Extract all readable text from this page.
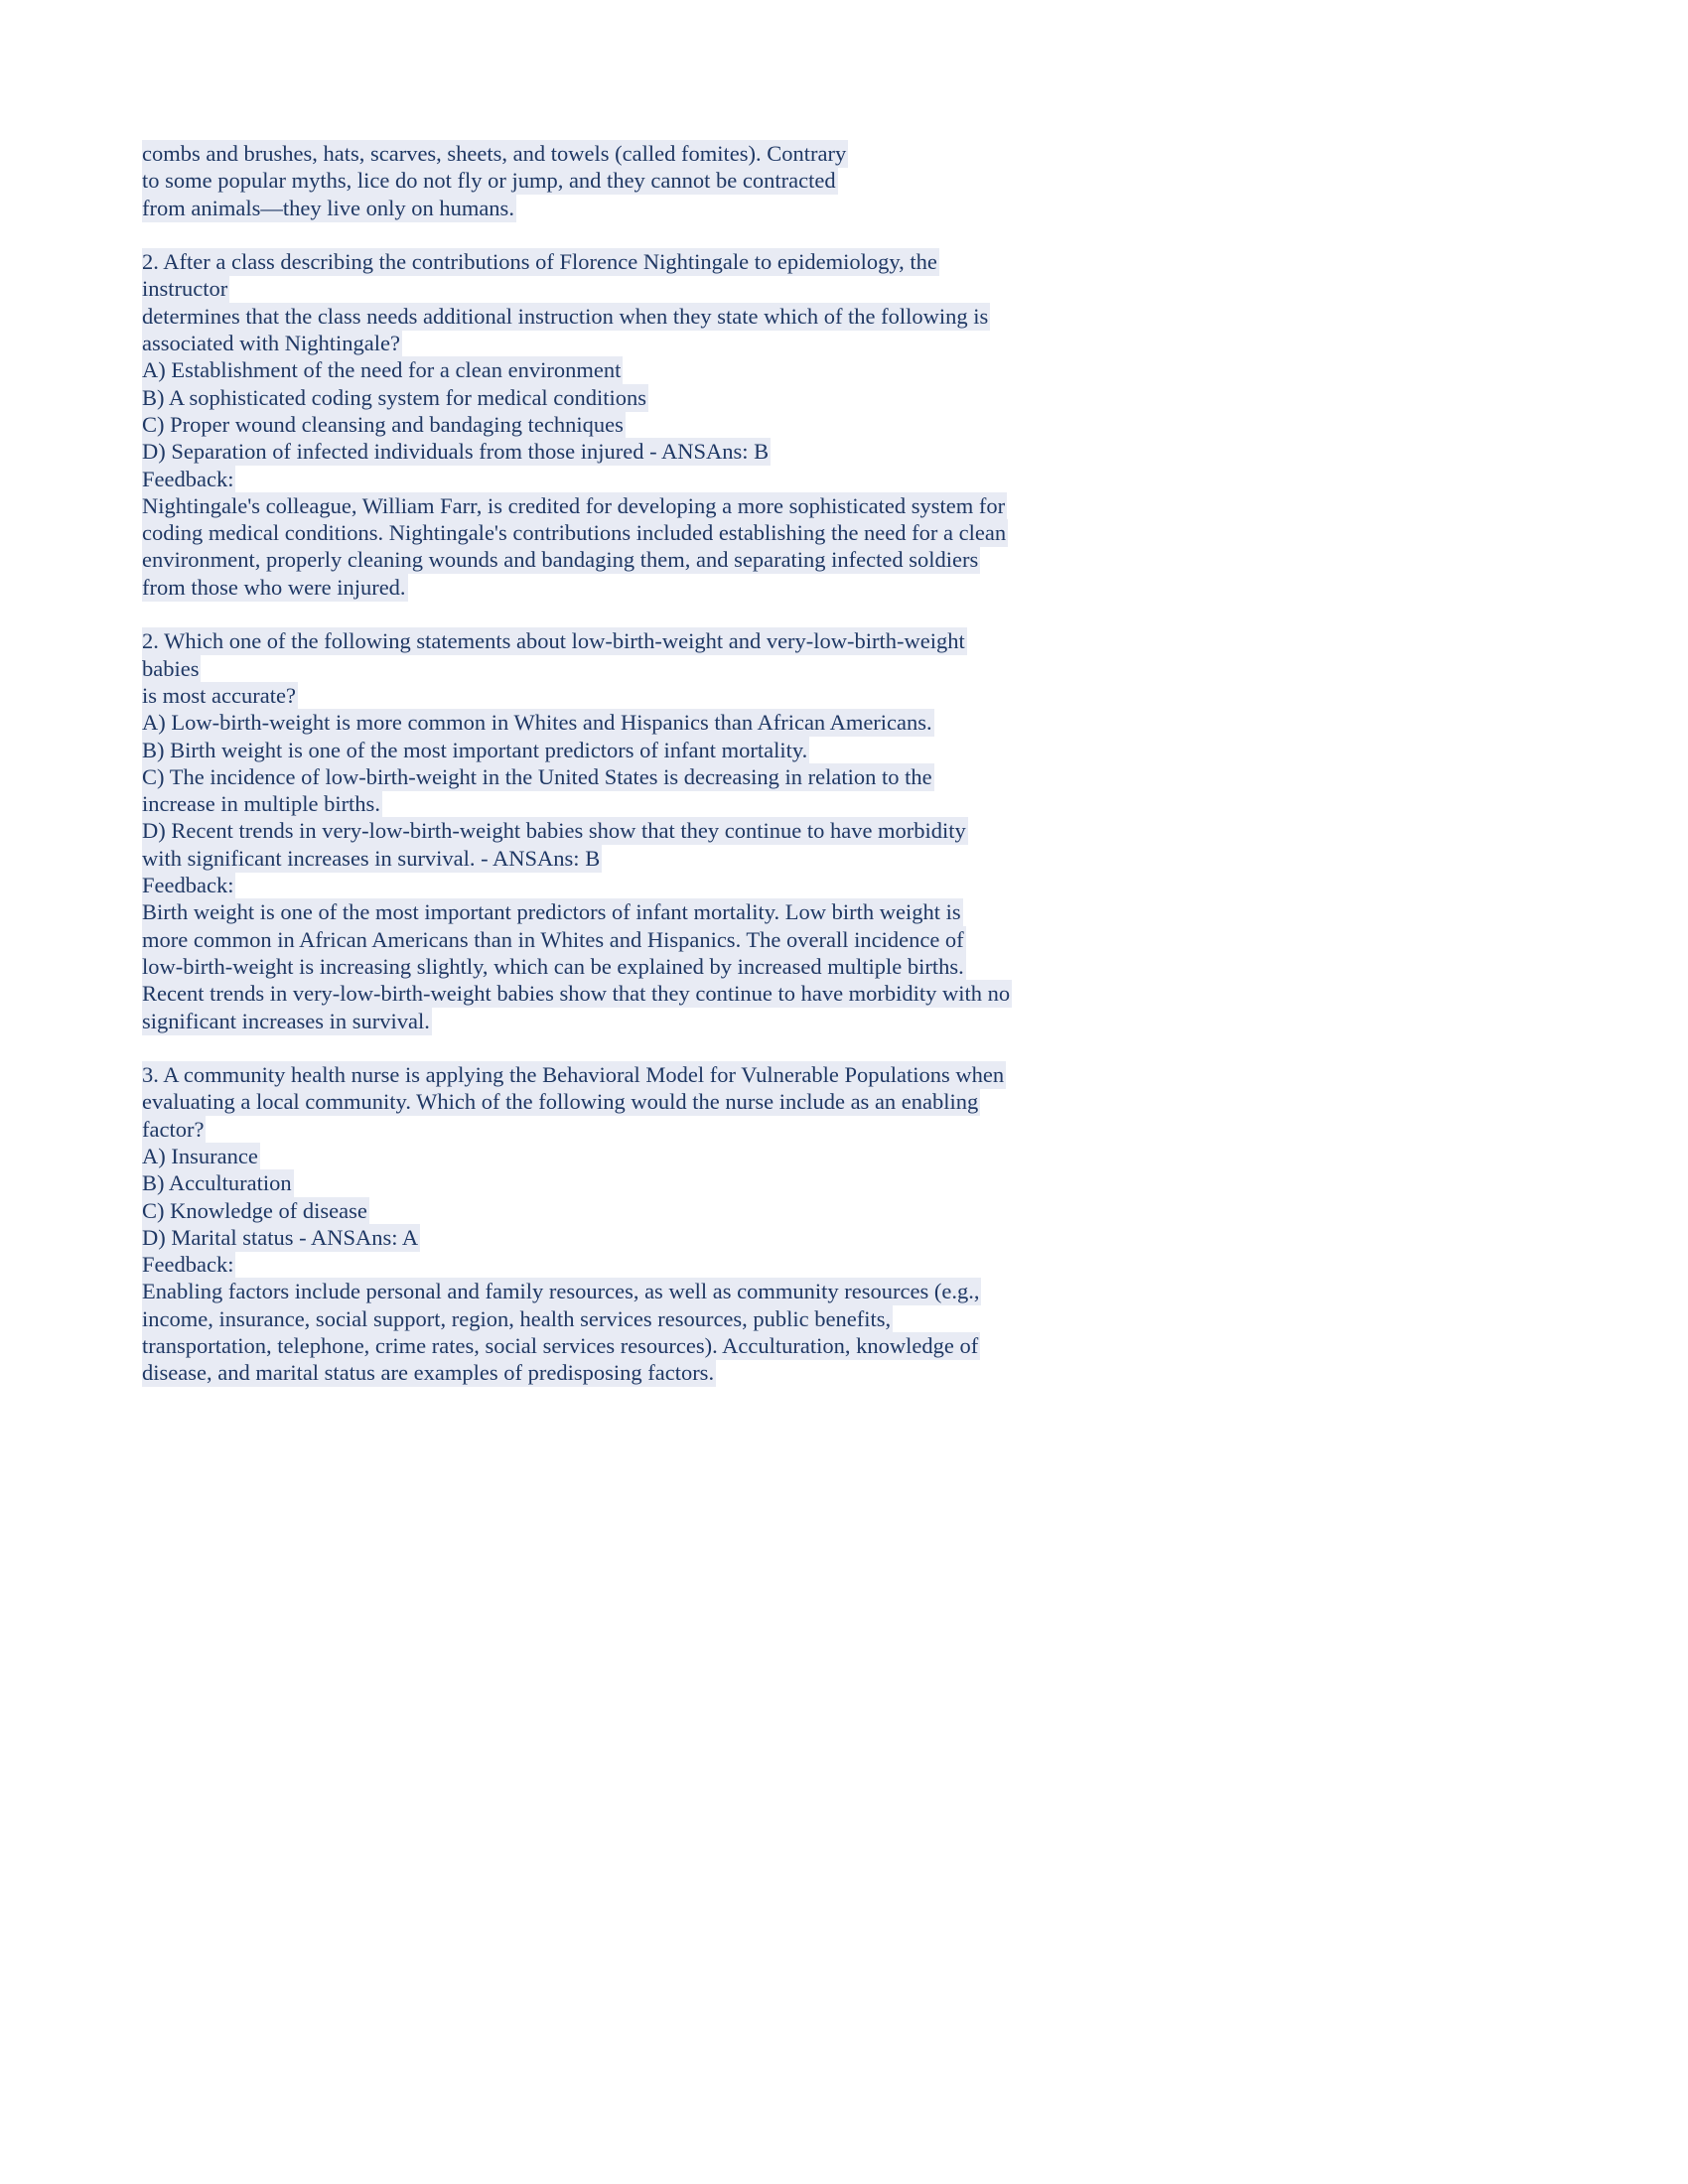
combs and brushes, hats, scarves, sheets, and towels (called fomites). Contrary
to some popular myths, lice do not fly or jump, and they cannot be contracted
from animals—they live only on humans.
2. After a class describing the contributions of Florence Nightingale to epidemiology, the
instructor
determines that the class needs additional instruction when they state which of the following is
associated with Nightingale?
A) Establishment of the need for a clean environment
B) A sophisticated coding system for medical conditions
C) Proper wound cleansing and bandaging techniques
D) Separation of infected individuals from those injured - ANSAns: B
Feedback:
Nightingale's colleague, William Farr, is credited for developing a more sophisticated system for
coding medical conditions. Nightingale's contributions included establishing the need for a clean
environment, properly cleaning wounds and bandaging them, and separating infected soldiers
from those who were injured.
2. Which one of the following statements about low-birth-weight and very-low-birth-weight
babies
is most accurate?
A) Low-birth-weight is more common in Whites and Hispanics than African Americans.
B) Birth weight is one of the most important predictors of infant mortality.
C) The incidence of low-birth-weight in the United States is decreasing in relation to the
increase in multiple births.
D) Recent trends in very-low-birth-weight babies show that they continue to have morbidity
with significant increases in survival. - ANSAns: B
Feedback:
Birth weight is one of the most important predictors of infant mortality. Low birth weight is
more common in African Americans than in Whites and Hispanics. The overall incidence of
low-birth-weight is increasing slightly, which can be explained by increased multiple births.
Recent trends in very-low-birth-weight babies show that they continue to have morbidity with no
significant increases in survival.
3. A community health nurse is applying the Behavioral Model for Vulnerable Populations when
evaluating a local community. Which of the following would the nurse include as an enabling
factor?
A) Insurance
B) Acculturation
C) Knowledge of disease
D) Marital status - ANSAns: A
Feedback:
Enabling factors include personal and family resources, as well as community resources (e.g.,
income, insurance, social support, region, health services resources, public benefits,
transportation, telephone, crime rates, social services resources). Acculturation, knowledge of
disease, and marital status are examples of predisposing factors.
